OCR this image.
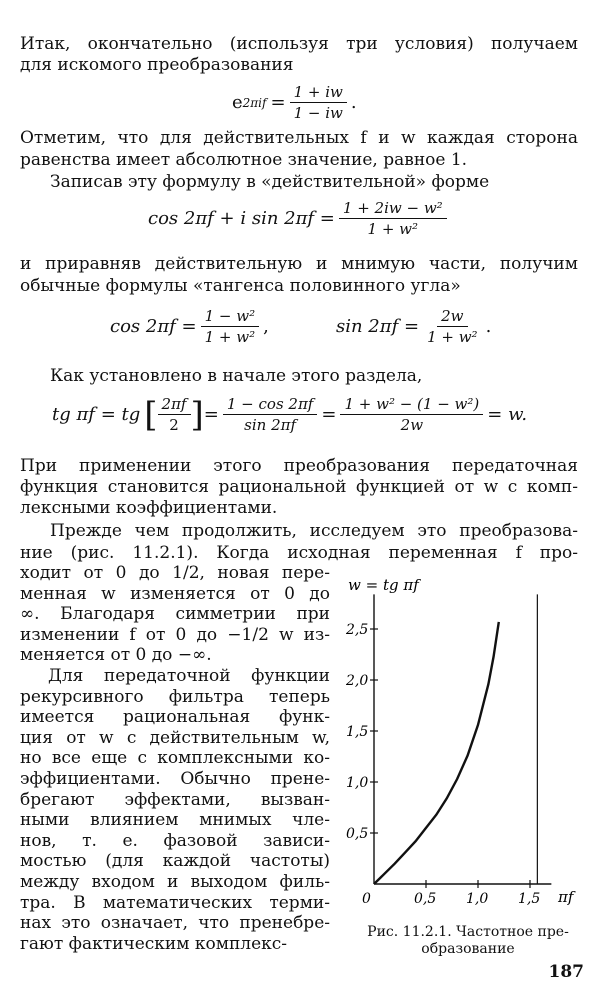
Итак, окончательно (используя три условия) получаем
для искомого преобразования
e $2\pi if = \frac{1 + iw}{1 - iw}$ .
Отметим, что для действительных f и w каждая сторона
равенства имеет абсолютное значение, равное 1.
Записав эту формулу в «действительной» форме
cos 2πf + i $\sin 2\pi f = \frac{\text{1 + 2iw − w²}}{\text{1 + w²}}$
и приравняв действительную и мнимую части, получим
обычные формулы «тангенса половинного угла»
$\cos 2\pi f = \frac{\text{1 − w²}}{\text{1 + w²}}$ ,	$\sin 2\pi f = \frac{2w}{\text{1 + w²}}$ .
Как установлено в начале этого раздела,
tg πf = tg [ $\frac{2\pi f}{2}$ ] = $\frac{1 - \cos 2\pi f}{\sin 2\pi f} = \frac{\text{1 + w² − (1 − w²)}}{2w} = w$.
При применении этого преобразования передаточная
функция становится рациональной функцией от w с комп-
лексными коэффициентами.
Прежде чем продолжить, исследуем это преобразова-
ние (рис. 11.2.1). Когда исходная переменная f про-
ходит от 0 до 1/2, новая пере-
менная w изменяется от 0 до
∞. Благодаря симметрии при
изменении f от 0 до −1/2 w из-
меняется от 0 до −∞.
Для передаточной функции
рекурсивного фильтра теперь
имеется рациональная функ-
ция от w с действительным w,
но все еще с комплексными ко-
эффициентами. Обычно пренe-
брегают эффектами, вызван-
ными влиянием мнимых чле-
нов, т. е. фазовой зависи-
мостью (для каждой частоты)
между входом и выходом филь-
тра. В математических терми-
нах это означает, что пренебре-
гают фактическим комплекс-
0,5
1,0
1,5
2,0
2,5
0	0,5 1,0 1,5
w = tg πf
πf
Рис. 11.2.1. Частотное пре-
образование
187
